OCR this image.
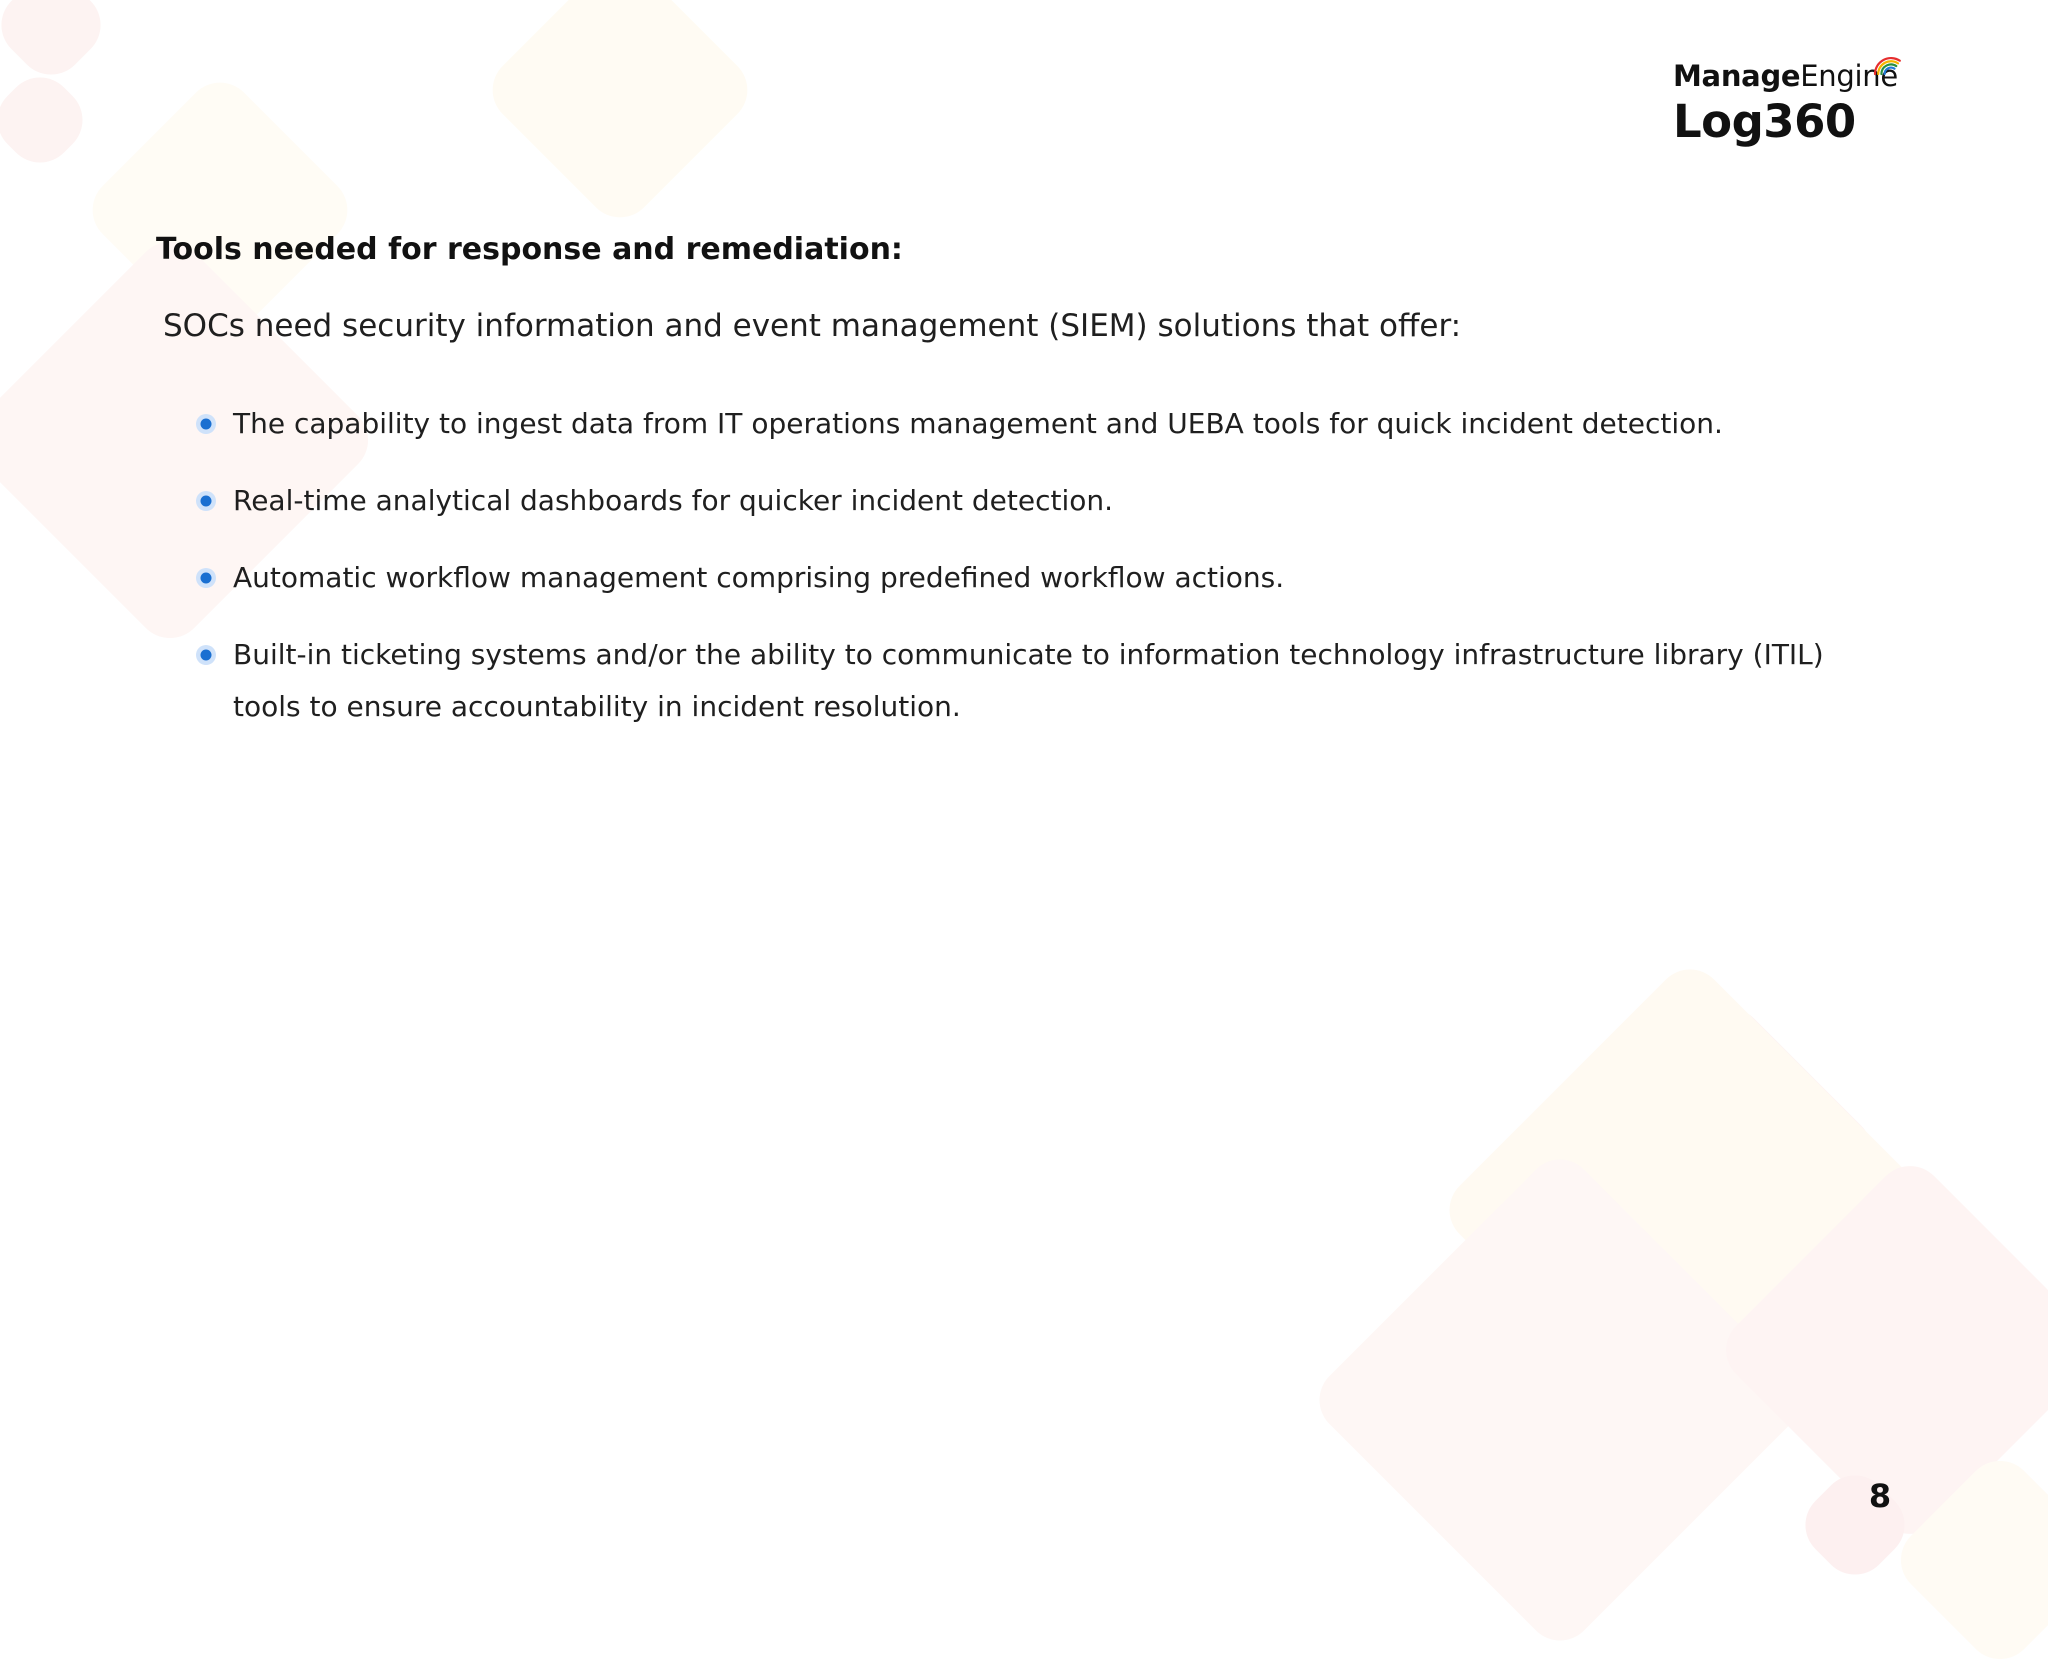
ManageEngine
Log360
Tools needed for response and remediation:

SOCs need security information and event management (SIEM) solutions that offer:

The capability to ingest data from IT operations management and UEBA tools for quick incident detection.
Real-time analytical dashboards for quicker incident detection.
Automatic workflow management comprising predefined workflow actions.
Built-in ticketing systems and/or the ability to communicate to information technology infrastructure library (ITIL) tools to ensure accountability in incident resolution.
8
